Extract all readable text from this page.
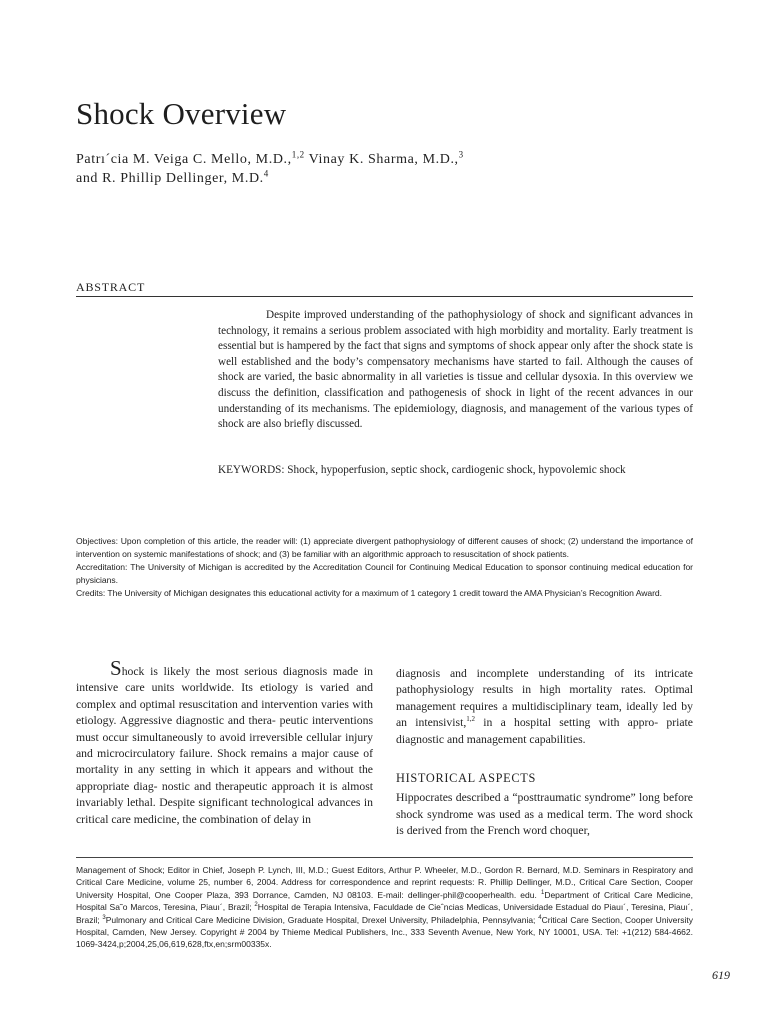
Shock Overview
Patrı´cia M. Veiga C. Mello, M.D.,$^{1,2}$ Vinay K. Sharma, M.D.,$^3$
and R. Phillip Dellinger, M.D.$^4$
ABSTRACT
Despite improved understanding of the pathophysiology of shock and significant advances in technology, it remains a serious problem associated with high morbidity and mortality. Early treatment is essential but is hampered by the fact that signs and symptoms of shock appear only after the shock state is well established and the body’s compensatory mechanisms have started to fail. Although the causes of shock are varied, the basic abnormality in all varieties is tissue and cellular dysoxia. In this overview we discuss the definition, classification and pathogenesis of shock in light of the recent advances in our understanding of its mechanisms. The epidemiology, diagnosis, and management of the various types of shock are also briefly discussed.
KEYWORDS: Shock, hypoperfusion, septic shock, cardiogenic shock, hypovolemic shock

Objectives: Upon completion of this article, the reader will: (1) appreciate divergent pathophysiology of different causes of shock; (2) understand the importance of intervention on systemic manifestations of shock; and (3) be familiar with an algorithmic approach to resuscitation of shock patients.

Accreditation: The University of Michigan is accredited by the Accreditation Council for Continuing Medical Education to sponsor continuing medical education for physicians.

Credits: The University of Michigan designates this educational activity for a maximum of 1 category 1 credit toward the AMA Physician’s Recognition Award.

Shock is likely the most serious diagnosis made in intensive care units worldwide. Its etiology is varied and complex and optimal resuscitation and intervention varies with etiology. Aggressive diagnostic and thera- peutic interventions must occur simultaneously to avoid irreversible cellular injury and microcirculatory failure. Shock remains a major cause of mortality in any setting in which it appears and without the appropriate diag- nostic and therapeutic approach it is almost invariably lethal. Despite significant technological advances in critical care medicine, the combination of delay in

diagnosis and incomplete understanding of its intricate pathophysiology results in high mortality rates. Optimal management requires a multidisciplinary team, ideally led by an intensivist,$^{1,2}$ in a hospital setting with appro- priate diagnostic and management capabilities.

HISTORICAL ASPECTS

Hippocrates described a “posttraumatic syndrome” long before shock syndrome was used as a medical term. The word shock is derived from the French word choquer,

Management of Shock; Editor in Chief, Joseph P. Lynch, III, M.D.; Guest Editors, Arthur P. Wheeler, M.D., Gordon R. Bernard, M.D. Seminars in Respiratory and Critical Care Medicine, volume 25, number 6, 2004. Address for correspondence and reprint requests: R. Phillip Dellinger, M.D., Critical Care Section, Cooper University Hospital, One Cooper Plaza, 393 Dorrance, Camden, NJ 08103. E-mail: dellinger-phil@cooperhealth. edu. $^1$Department of Critical Care Medicine, Hospital Sa˜o Marcos, Teresina, Piauı´, Brazil; $^2$Hospital de Terapia Intensiva, Faculdade de Cieˆncias Medicas, Universidade Estadual do Piauı´, Teresina, Piauı´, Brazil; $^3$Pulmonary and Critical Care Medicine Division, Graduate Hospital, Drexel University, Philadelphia, Pennsylvania; $^4$Critical Care Section, Cooper University Hospital, Camden, New Jersey. Copyright # 2004 by Thieme Medical Publishers, Inc., 333 Seventh Avenue, New York, NY 10001, USA. Tel: +1(212) 584-4662. 1069-3424,p;2004,25,06,619,628,ftx,en;srm00335x.
619
